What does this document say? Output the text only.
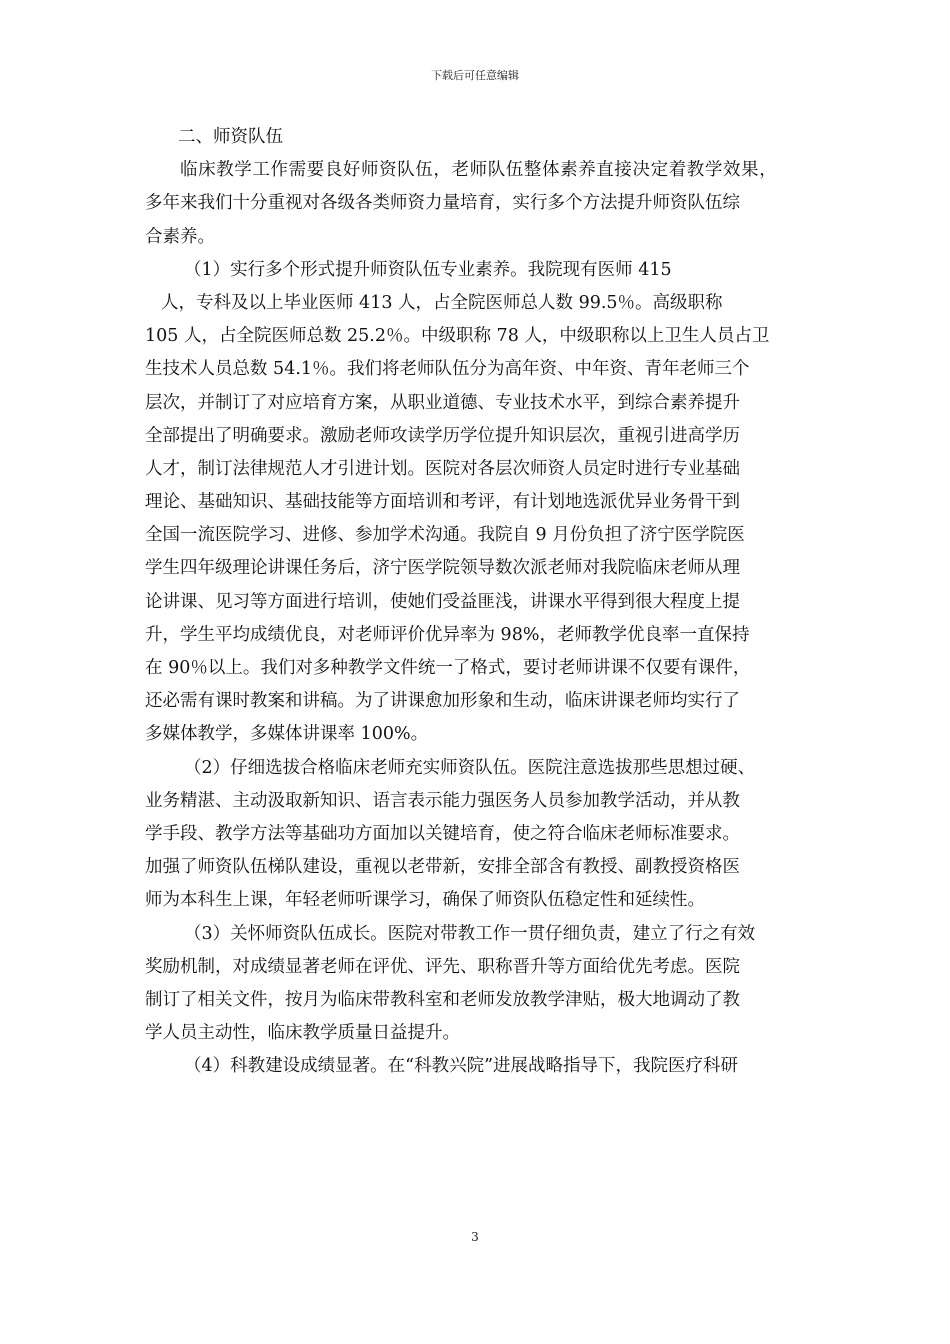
下载后可任意编辑
二、师资队伍
临床教学工作需要良好师资队伍，老师队伍整体素养直接决定着教学效果，
多年来我们十分重视对各级各类师资力量培育，实行多个方法提升师资队伍综
合素养。
（1）实行多个形式提升师资队伍专业素养。我院现有医师 415
人，专科及以上毕业医师 413 人，占全院医师总人数 99.5％。高级职称
105 人，占全院医师总数 25.2％。中级职称 78 人，中级职称以上卫生人员占卫
生技术人员总数 54.1％。我们将老师队伍分为高年资、中年资、青年老师三个
层次，并制订了对应培育方案，从职业道德、专业技术水平，到综合素养提升
全部提出了明确要求。激励老师攻读学历学位提升知识层次，重视引进高学历
人才，制订法律规范人才引进计划。医院对各层次师资人员定时进行专业基础
理论、基础知识、基础技能等方面培训和考评，有计划地选派优异业务骨干到
全国一流医院学习、进修、参加学术沟通。我院自 9 月份负担了济宁医学院医
学生四年级理论讲课任务后，济宁医学院领导数次派老师对我院临床老师从理
论讲课、见习等方面进行培训，使她们受益匪浅，讲课水平得到很大程度上提
升，学生平均成绩优良，对老师评价优异率为 98%，老师教学优良率一直保持
在 90％以上。我们对多种教学文件统一了格式，要讨老师讲课不仅要有课件，
还必需有课时教案和讲稿。为了讲课愈加形象和生动，临床讲课老师均实行了
多媒体教学，多媒体讲课率 100%。
（2）仔细选拔合格临床老师充实师资队伍。医院注意选拔那些思想过硬、
业务精湛、主动汲取新知识、语言表示能力强医务人员参加教学活动，并从教
学手段、教学方法等基础功方面加以关键培育，使之符合临床老师标准要求。
加强了师资队伍梯队建设，重视以老带新，安排全部含有教授、副教授资格医
师为本科生上课，年轻老师听课学习，确保了师资队伍稳定性和延续性。
（3）关怀师资队伍成长。医院对带教工作一贯仔细负责，建立了行之有效
奖励机制，对成绩显著老师在评优、评先、职称晋升等方面给优先考虑。医院
制订了相关文件，按月为临床带教科室和老师发放教学津贴，极大地调动了教
学人员主动性，临床教学质量日益提升。
（4）科教建设成绩显著。在“科教兴院”进展战略指导下，我院医疗科研
3
